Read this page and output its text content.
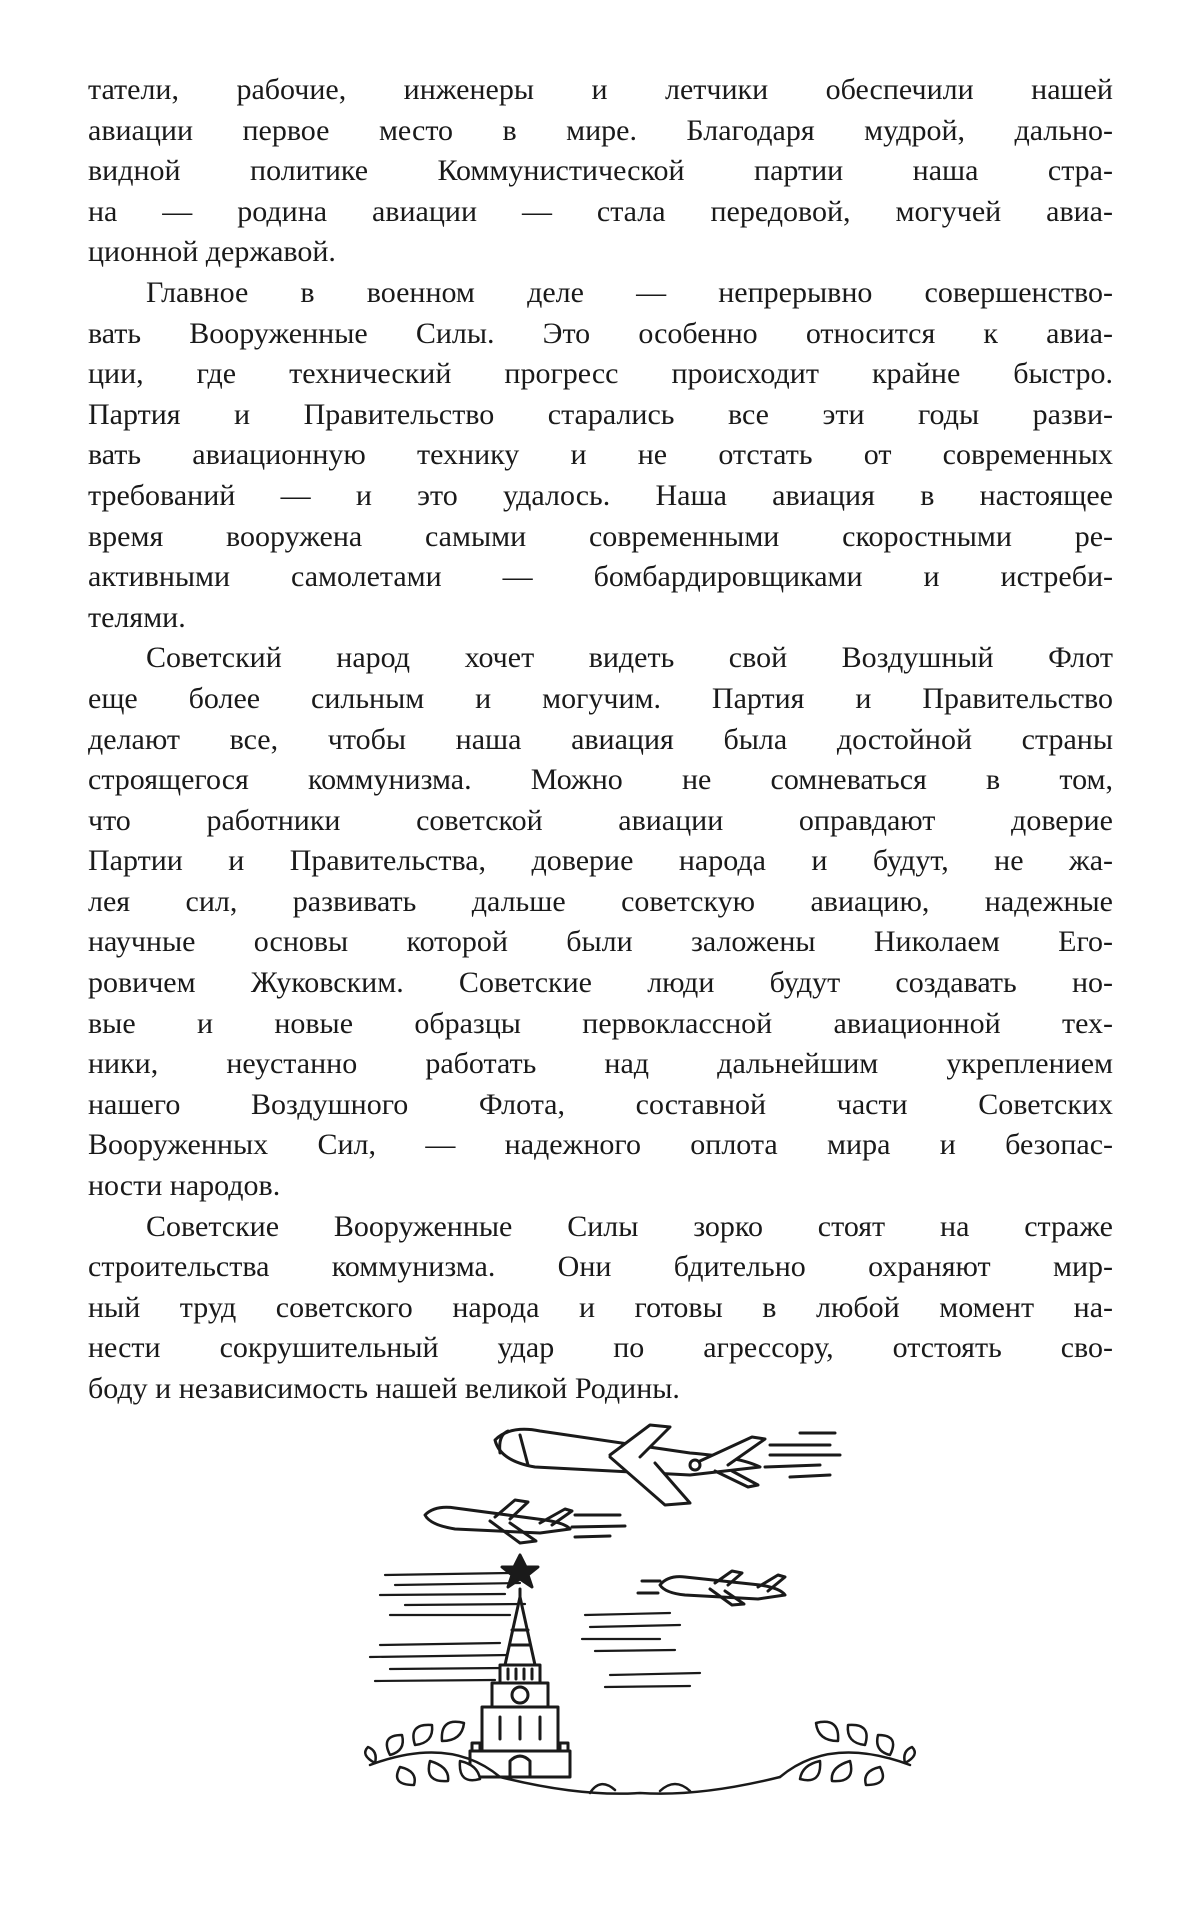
татели, рабочие, инженеры и летчики обеспечили нашей
авиации первое место в мире. Благодаря мудрой, дальнo-
видной политике Коммунистической партии наша стра-
на — родина авиации — стала передовой, могучей авиа-
ционной державой.
Главное в военном деле — непрерывно совершенство-
вать Вооруженные Силы. Это особенно относится к авиа-
ции, где технический прогресс происходит крайне быстро.
Партия и Правительство старались все эти годы разви-
вать авиационную технику и не отстать от современных
требований — и это удалось. Наша авиация в настоящее
время вооружена самыми современными скоростными ре-
активными самолетами — бомбардировщиками и истреби-
телями.
Советский народ хочет видеть свой Воздушный Флот
еще более сильным и могучим. Партия и Правительство
делают все, чтобы наша авиация была достойной страны
строящегося коммунизма. Можно не сомневаться в том,
что работники советской авиации оправдают доверие
Партии и Правительства, доверие народа и будут, не жа-
лея сил, развивать дальше советскую авиацию, надежные
научные основы которой были заложены Николаем Его-
ровичем Жуковским. Советские люди будут создавать но-
вые и новые образцы первоклассной авиационной тех-
ники, неустанно работать над дальнейшим укреплением
нашего Воздушного Флота, составной части Советских
Вооруженных Сил, — надежного оплота мира и безопас-
ности народов.
Советские Вооруженные Силы зорко стоят на страже
строительства коммунизма. Они бдительно охраняют мир-
ный труд советского народа и готовы в любой момент на-
нести сокрушительный удар по агрессору, отстоять сво-
боду и независимость нашей великой Родины.
